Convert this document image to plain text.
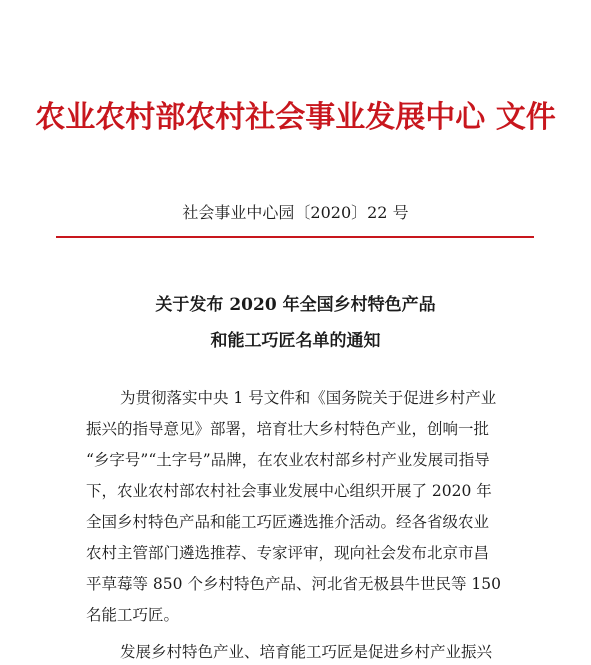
农业农村部农村社会事业发展中心 文件
社会事业中心园〔2020〕22 号
关于发布 2020 年全国乡村特色产品
和能工巧匠名单的通知
为贯彻落实中央 1 号文件和《国务院关于促进乡村产业
振兴的指导意见》部署，培育壮大乡村特色产业，创响一批
“乡字号”“土字号”品牌，在农业农村部乡村产业发展司指导
下，农业农村部农村社会事业发展中心组织开展了 2020 年
全国乡村特色产品和能工巧匠遴选推介活动。经各省级农业
农村主管部门遴选推荐、专家评审，现向社会发布北京市昌
平草莓等 850 个乡村特色产品、河北省无极县牛世民等 150
名能工巧匠。
发展乡村特色产业、培育能工巧匠是促进乡村产业振兴
